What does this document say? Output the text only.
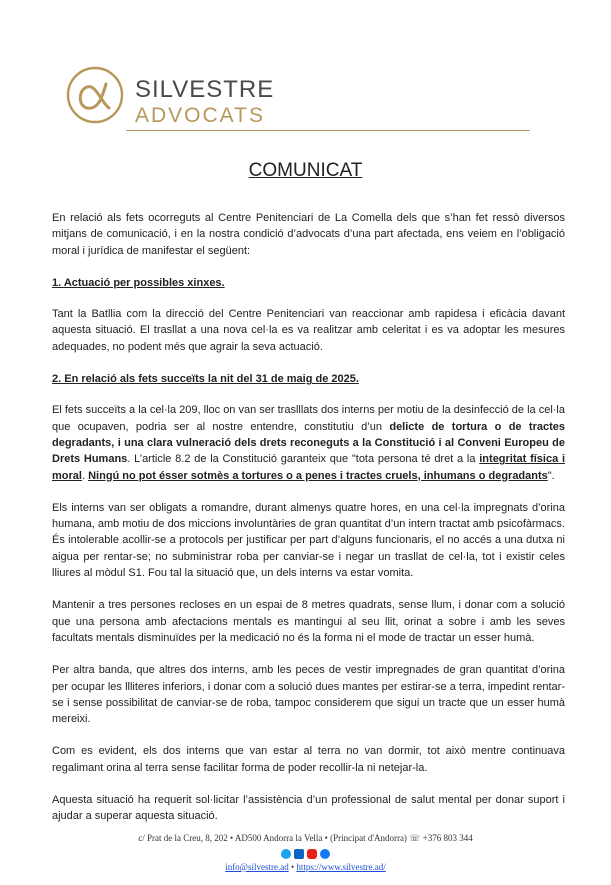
SILVESTRE
ADVOCATS
COMUNICAT

En relació als fets ocorreguts al Centre Penitenciari de La Comella dels que s’han fet ressò diversos mitjans de comunicació, i en la nostra condició d’advocats d’una part afectada, ens veiem en l’obligació moral i jurídica de manifestar el següent:

1. Actuació per possibles xinxes.

Tant la Batllia com la direcció del Centre Penitenciari van reaccionar amb rapidesa i eficàcia davant aquesta situació. El trasllat a una nova cel·la es va realitzar amb celeritat i es va adoptar les mesures adequades, no podent més que agrair la seva actuació.

2. En relació als fets succeïts la nit del 31 de maig de 2025.

El fets succeïts a la cel·la 209, lloc on van ser traslllats dos interns per motiu de la desinfecció de la cel·la que ocupaven, podria ser al nostre entendre, constitutiu d’un delicte de tortura o de tractes degradants, i una clara vulneració dels drets reconeguts a la Constitució i al Conveni Europeu de Drets Humans. L’article 8.2 de la Constitució garanteix que "tota persona té dret a la integritat física i moral. Ningú no pot ésser sotmès a tortures o a penes i tractes cruels, inhumans o degradants".

Els interns van ser obligats a romandre, durant almenys quatre hores, en una cel·la impregnats d’orina humana, amb motiu de dos miccions involuntàries de gran quantitat d’un intern tractat amb psicofàrmacs. És intolerable acollir-se a protocols per justificar per part d’alguns funcionaris, el no accés a una dutxa ni aigua per rentar-se; no subministrar roba per canviar-se i negar un trasllat de cel·la, tot i existir celes lliures al mòdul S1. Fou tal la situació que, un dels interns va estar vomita.

Mantenir a tres persones recloses en un espai de 8 metres quadrats, sense llum, i donar com a solució que una persona amb afectacions mentals es mantingui al seu llit, orinat a sobre i amb les seves facultats mentals disminuïdes per la medicació no és la forma ni el mode de tractar un esser humà.

Per altra banda, que altres dos interns, amb les peces de vestir impregnades de gran quantitat d’orina per ocupar les llliteres inferiors, i donar com a solució dues mantes per estirar-se a terra, impedint rentar-se i sense possibilitat de canviar-se de roba, tampoc considerem que sigui un tracte que un esser humà mereixi.

Com es evident, els dos interns que van estar al terra no van dormir, tot això mentre continuava regalimant orina al terra sense facilitar forma de poder recollir-la ni netejar-la.

Aquesta situació ha requerit sol·licitar l’assistència d’un professional de salut mental per donar suport i ajudar a superar aquesta situació.

c/ Prat de la Creu, 8, 202 • AD500 Andorra la Vella • (Principat d'Andorra) ☏ +376 803 344
info@silvestre.ad • https://www.silvestre.ad/
